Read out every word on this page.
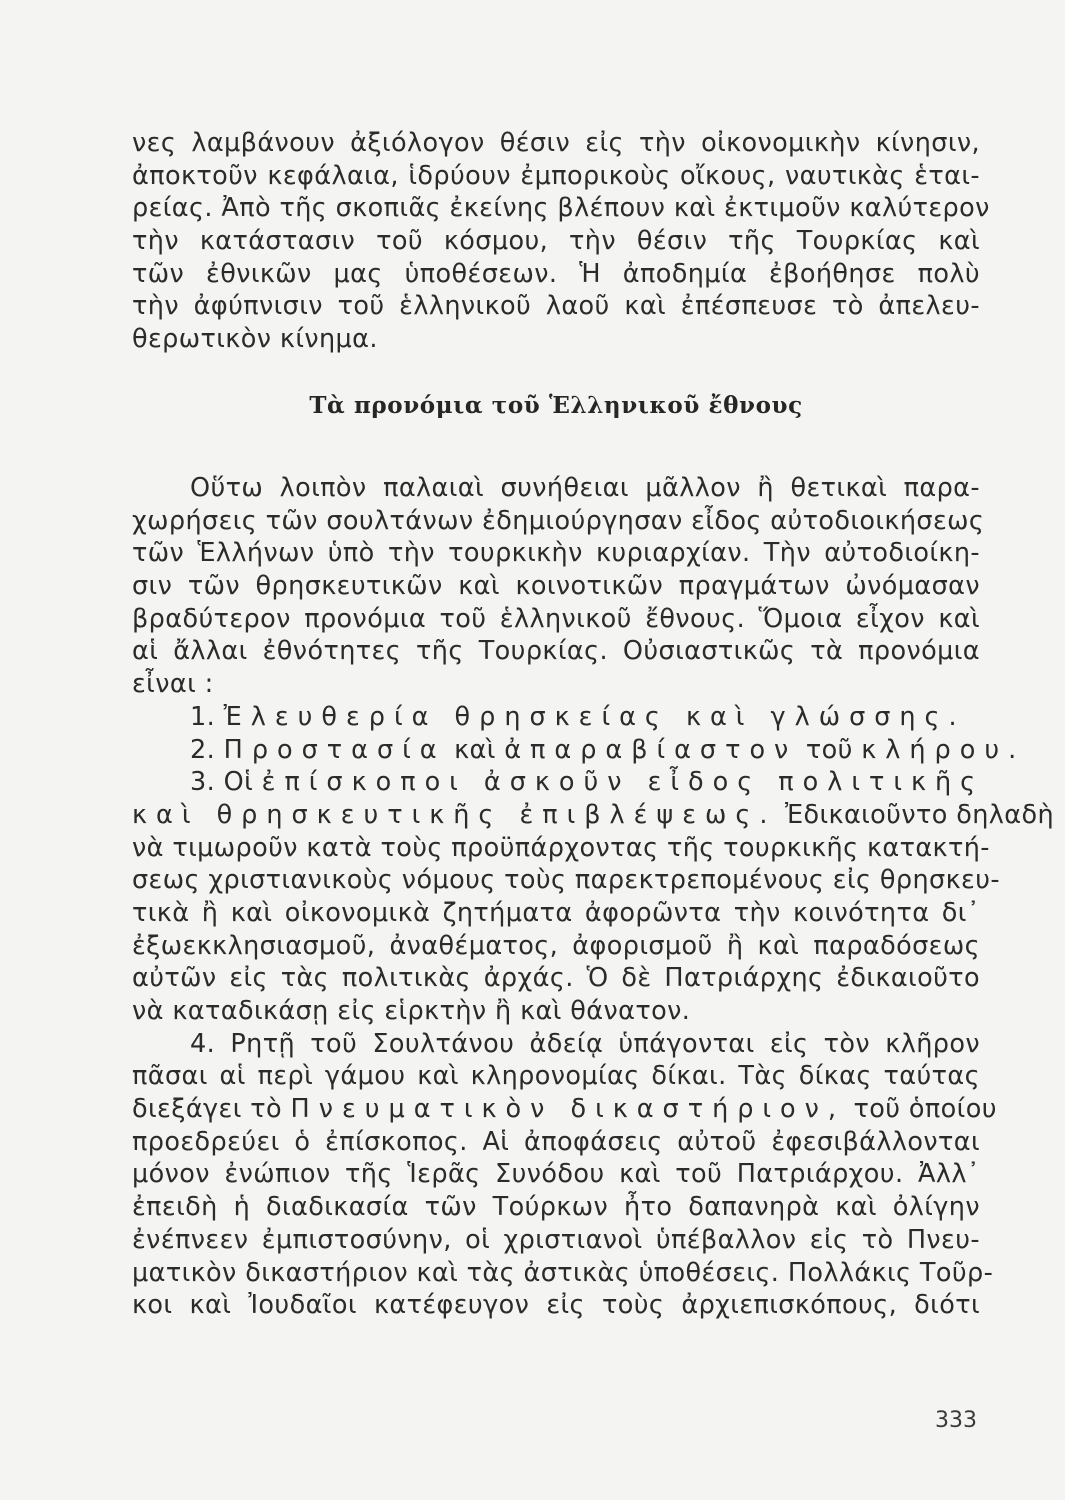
νες λαμβάνουν ἀξιόλογον θέσιν εἰς τὴν οἰκονομικὴν κίνησιν,
ἀποκτοῦν κεφάλαια, ἱδρύουν ἐμπορικοὺς οἴκους, ναυτικὰς ἑται-
ρείας. Ἀπὸ τῆς σκοπιᾶς ἐκείνης βλέπουν καὶ ἐκτιμοῦν καλύτερον
τὴν κατάστασιν τοῦ κόσμου, τὴν θέσιν τῆς Τουρκίας καὶ
τῶν ἐθνικῶν μας ὑποθέσεων. Ἡ ἀποδημία ἐβοήθησε πολὺ
τὴν ἀφύπνισιν τοῦ ἑλληνικοῦ λαοῦ καὶ ἐπέσπευσε τὸ ἀπελευ-
θερωτικὸν κίνημα.
Τὰ προνόμια τοῦ Ἑλληνικοῦ ἔθνους
Οὕτω λοιπὸν παλαιαὶ συνήθειαι μᾶλλον ἢ θετικαὶ παρα-
χωρήσεις τῶν σουλτάνων ἐδημιούργησαν εἶδος αὐτοδιοικήσεως
τῶν Ἑλλήνων ὑπὸ τὴν τουρκικὴν κυριαρχίαν. Τὴν αὐτοδιοίκη-
σιν τῶν θρησκευτικῶν καὶ κοινοτικῶν πραγμάτων ὠνόμασαν
βραδύτερον προνόμια τοῦ ἑλληνικοῦ ἔθνους. Ὅμοια εἶχον καὶ
αἱ ἄλλαι ἐθνότητες τῆς Τουρκίας. Οὐσιαστικῶς τὰ προνόμια
εἶναι :
1. Ἐλευθερία θρησκείας καὶ γλώσσης.
2. Προστασία καὶ ἀπαραβίαστον τοῦ κλήρου.
3. Οἱ ἐπίσκοποι ἀσκοῦν εἶδος πολιτικῆς
καὶ θρησκευτικῆς ἐπιβλέψεως. Ἐδικαιοῦντο δηλαδὴ
νὰ τιμωροῦν κατὰ τοὺς προϋπάρχοντας τῆς τουρκικῆς κατακτή-
σεως χριστιανικοὺς νόμους τοὺς παρεκτρεπομένους εἰς θρησκευ-
τικὰ ἢ καὶ οἰκονομικὰ ζητήματα ἀφορῶντα τὴν κοινότητα δι᾽
ἐξωεκκλησιασμοῦ, ἀναθέματος, ἀφορισμοῦ ἢ καὶ παραδόσεως
αὐτῶν εἰς τὰς πολιτικὰς ἀρχάς. Ὁ δὲ Πατριάρχης ἐδικαιοῦτο
νὰ καταδικάσῃ εἰς εἱρκτὴν ἢ καὶ θάνατον.
4. Ρητῇ τοῦ Σουλτάνου ἀδείᾳ ὑπάγονται εἰς τὸν κλῆρον
πᾶσαι αἱ περὶ γάμου καὶ κληρονομίας δίκαι. Τὰς δίκας ταύτας
διεξάγει τὸ Πνευματικὸν δικαστήριον, τοῦ ὁποίου
προεδρεύει ὁ ἐπίσκοπος. Αἱ ἀποφάσεις αὐτοῦ ἐφεσιβάλλονται
μόνον ἐνώπιον τῆς Ἱερᾶς Συνόδου καὶ τοῦ Πατριάρχου. Ἀλλ᾽
ἐπειδὴ ἡ διαδικασία τῶν Τούρκων ἦτο δαπανηρὰ καὶ ὀλίγην
ἐνέπνεεν ἐμπιστοσύνην, οἱ χριστιανοὶ ὑπέβαλλον εἰς τὸ Πνευ-
ματικὸν δικαστήριον καὶ τὰς ἀστικὰς ὑποθέσεις. Πολλάκις Τοῦρ-
κοι καὶ Ἰουδαῖοι κατέφευγον εἰς τοὺς ἀρχιεπισκόπους, διότι
333
